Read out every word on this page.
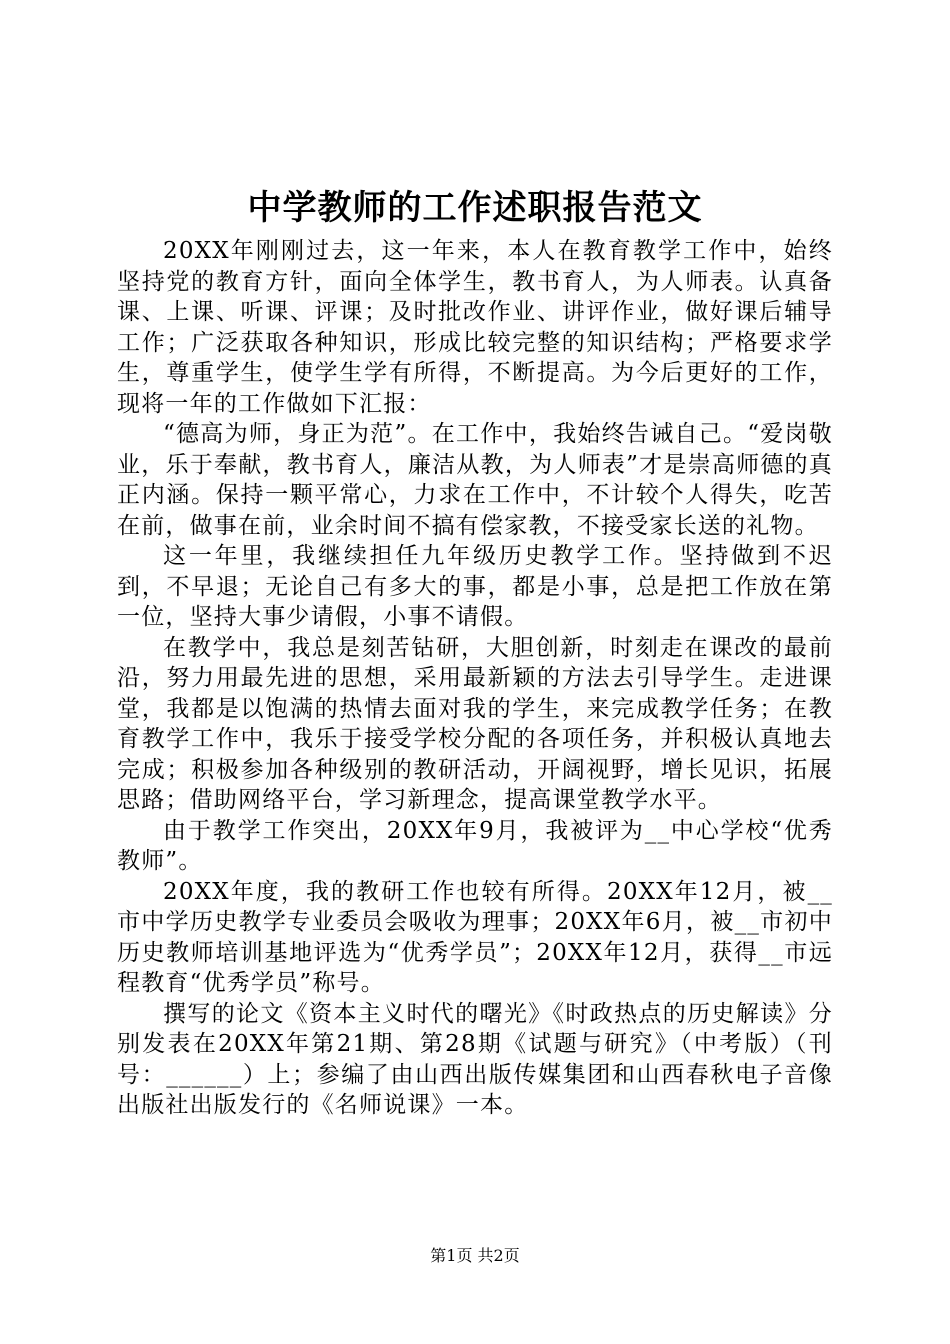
中学教师的工作述职报告范文

20XX年刚刚过去，这一年来，本人在教育教学工作中，始终坚持党的教育方针，面向全体学生，教书育人，为人师表。认真备课、上课、听课、评课；及时批改作业、讲评作业，做好课后辅导工作；广泛获取各种知识，形成比较完整的知识结构；严格要求学生，尊重学生，使学生学有所得，不断提高。为今后更好的工作，现将一年的工作做如下汇报：

“德高为师，身正为范”。在工作中，我始终告诫自己。“爱岗敬业，乐于奉献，教书育人，廉洁从教，为人师表”才是崇高师德的真正内涵。保持一颗平常心，力求在工作中，不计较个人得失，吃苦在前，做事在前，业余时间不搞有偿家教，不接受家长送的礼物。

这一年里，我继续担任九年级历史教学工作。坚持做到不迟到，不早退；无论自己有多大的事，都是小事，总是把工作放在第一位，坚持大事少请假，小事不请假。

在教学中，我总是刻苦钻研，大胆创新，时刻走在课改的最前沿，努力用最先进的思想，采用最新颖的方法去引导学生。走进课堂，我都是以饱满的热情去面对我的学生，来完成教学任务；在教育教学工作中，我乐于接受学校分配的各项任务，并积极认真地去完成；积极参加各种级别的教研活动，开阔视野，增长见识，拓展思路；借助网络平台，学习新理念，提高课堂教学水平。

由于教学工作突出，20XX年9月，我被评为__中心学校“优秀教师”。

20XX年度，我的教研工作也较有所得。20XX年12月，被__市中学历史教学专业委员会吸收为理事；20XX年6月，被__市初中历史教师培训基地评选为“优秀学员”；20XX年12月，获得__市远程教育“优秀学员”称号。

撰写的论文《资本主义时代的曙光》《时政热点的历史解读》分别发表在20XX年第21期、第28期《试题与研究》（中考版）（刊号：______）上；参编了由山西出版传媒集团和山西春秋电子音像出版社出版发行的《名师说课》一本。

第1页 共2页
